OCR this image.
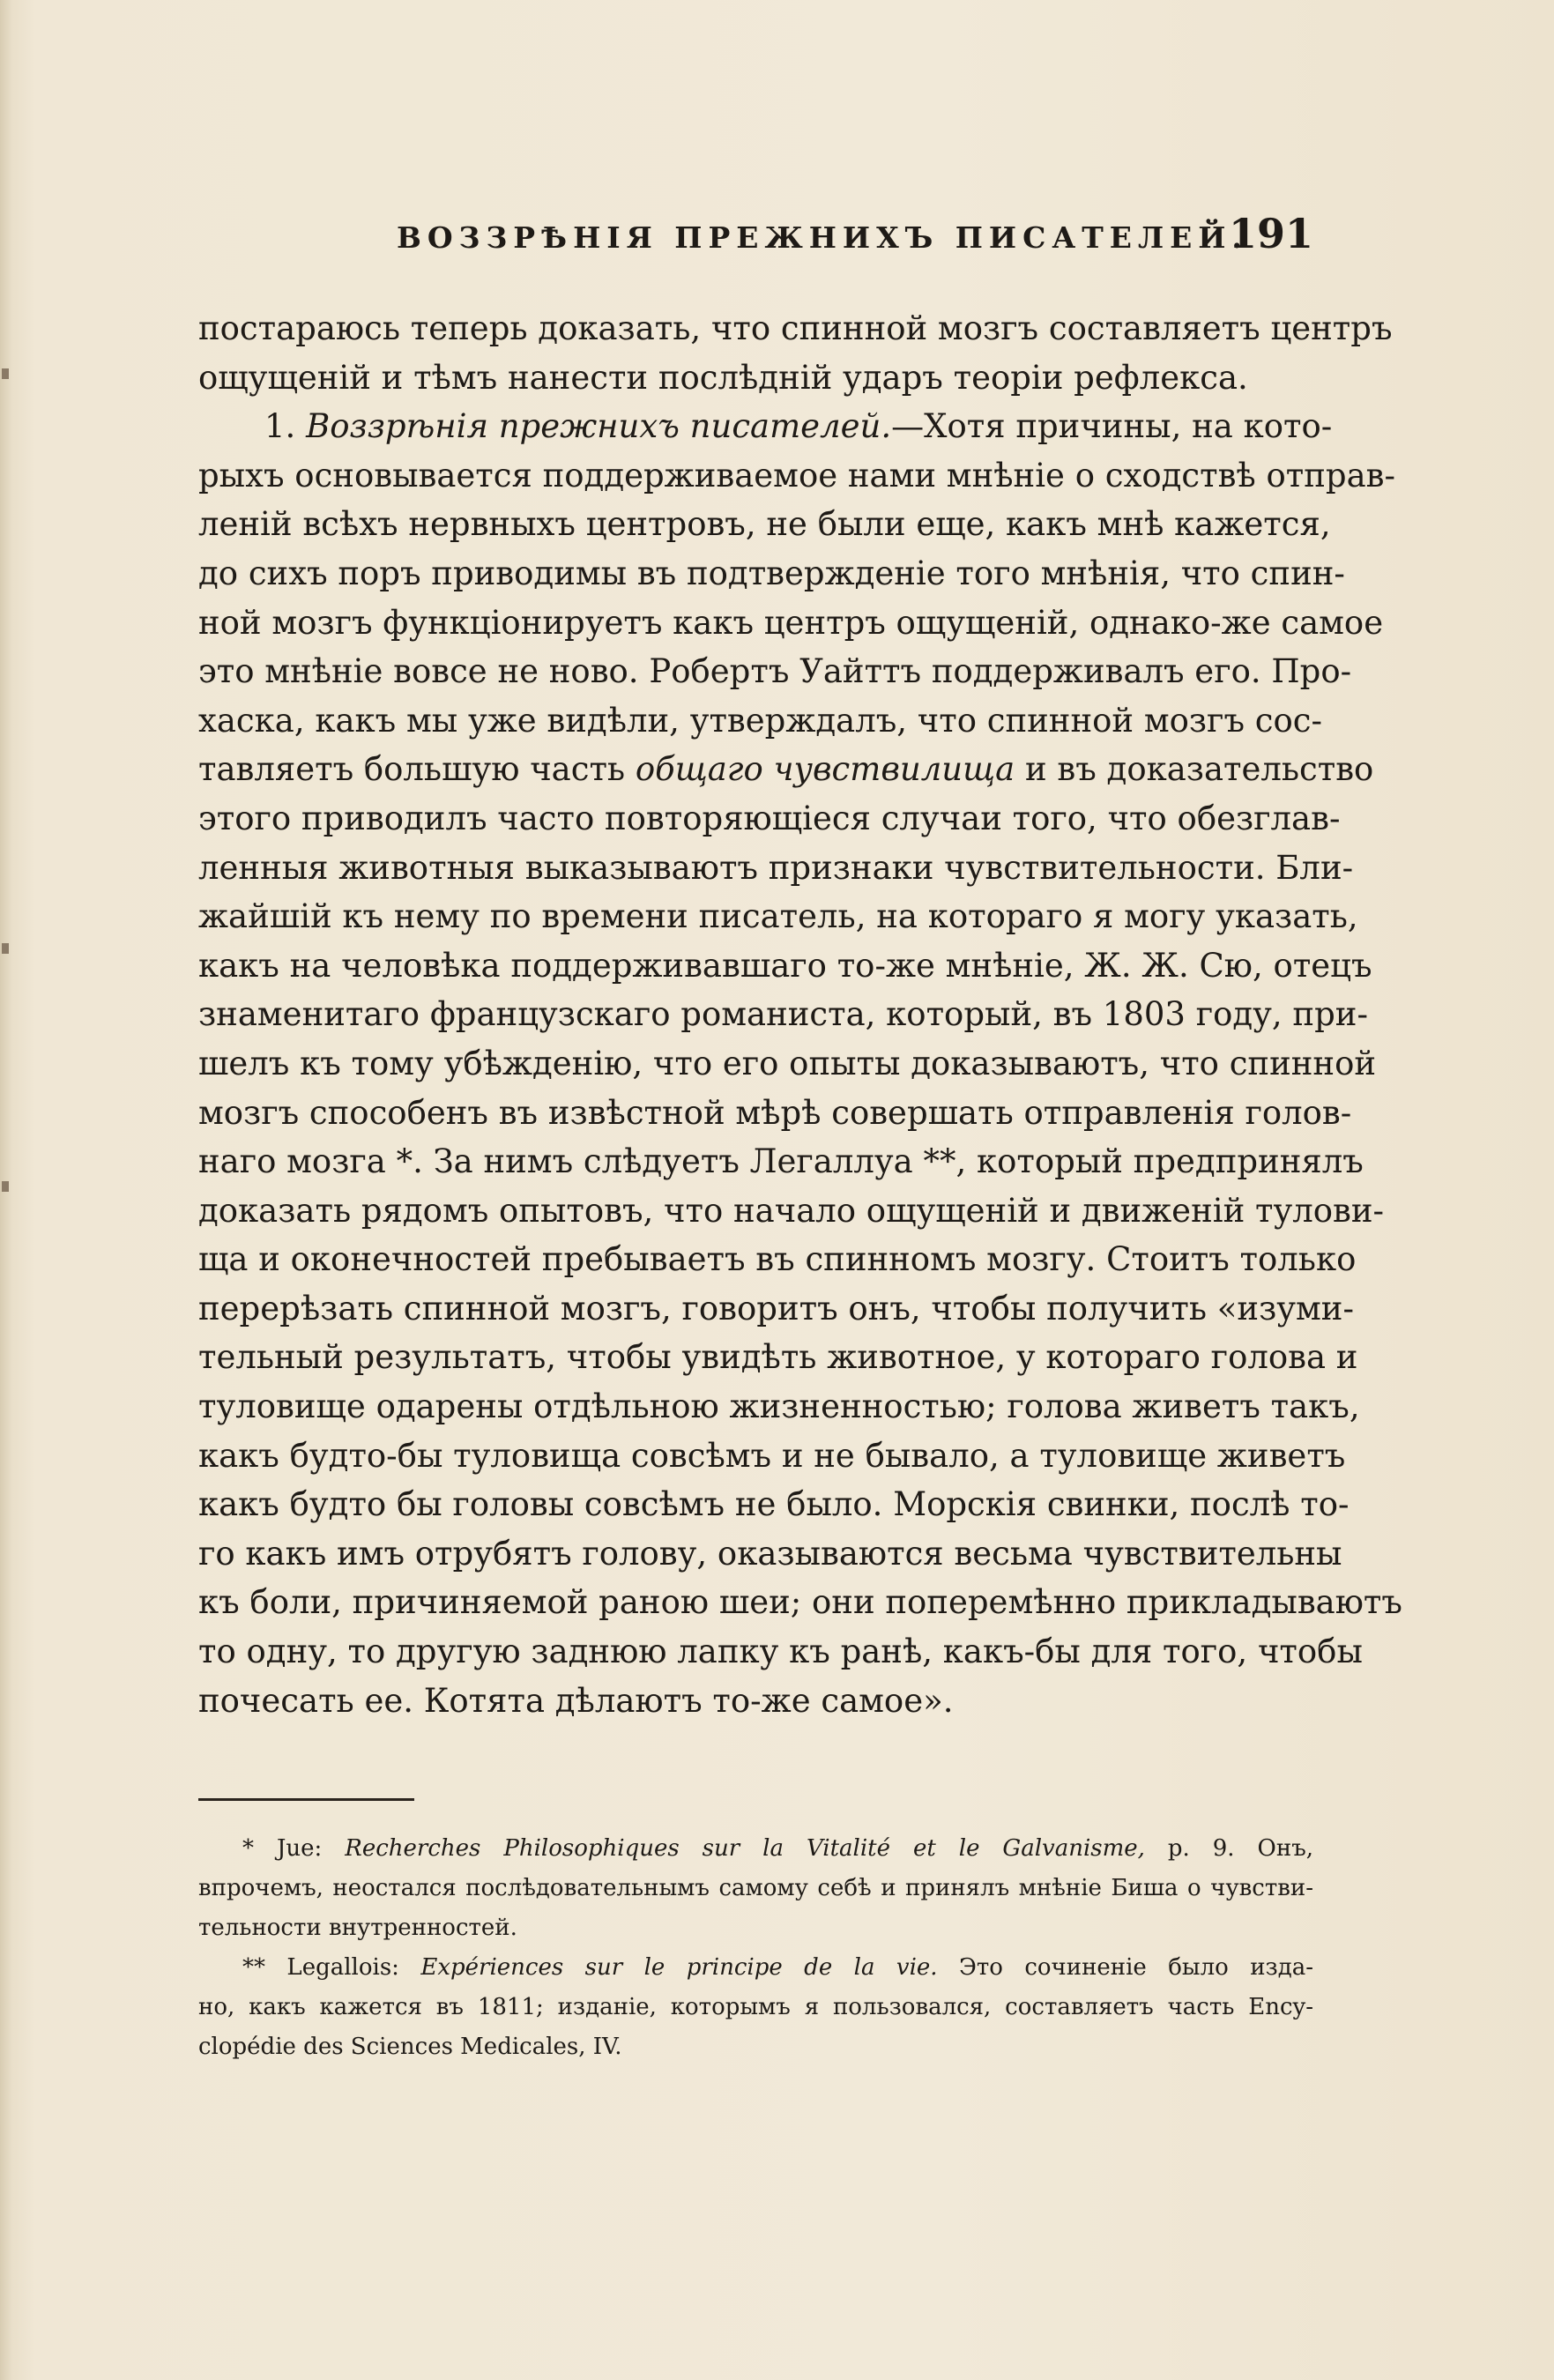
ВОЗЗРѢНІЯ ПРЕЖНИХЪ ПИСАТЕЛЕЙ.
191
постараюсь теперь доказать, что спинной мозгъ составляетъ центръ
ощущеній и тѣмъ нанести послѣдній ударъ теоріи рефлекса.
1. Воззрѣнія прежнихъ писателей.—Хотя причины, на кото-
рыхъ основывается поддерживаемое нами мнѣніе о сходствѣ отправ-
леній всѣхъ нервныхъ центровъ, не были еще, какъ мнѣ кажется,
до сихъ поръ приводимы въ подтвержденіе того мнѣнія, что спин-
ной мозгъ функціонируетъ какъ центръ ощущеній, однако-же самое
это мнѣніе вовсе не ново. Робертъ Уайттъ поддерживалъ его. Про-
хаска, какъ мы уже видѣли, утверждалъ, что спинной мозгъ сос-
тавляетъ большую часть общаго чувствилища и въ доказательство
этого приводилъ часто повторяющіеся случаи того, что обезглав-
ленныя животныя выказываютъ признаки чувствительности. Бли-
жайшій къ нему по времени писатель, на котораго я могу указать,
какъ на человѣка поддерживавшаго то-же мнѣніе, Ж. Ж. Сю, отецъ
знаменитаго французскаго романиста, который, въ 1803 году, при-
шелъ къ тому убѣжденію, что его опыты доказываютъ, что спинной
мозгъ способенъ въ извѣстной мѣрѣ совершать отправленія голов-
наго мозга *. За нимъ слѣдуетъ Легаллуа **, который предпринялъ
доказать рядомъ опытовъ, что начало ощущеній и движеній тулови-
ща и оконечностей пребываетъ въ спинномъ мозгу. Стоитъ только
перерѣзать спинной мозгъ, говоритъ онъ, чтобы получить «изуми-
тельный результатъ, чтобы увидѣть животное, у котораго голова и
туловище одарены отдѣльною жизненностью; голова живетъ такъ,
какъ будто-бы туловища совсѣмъ и не бывало, а туловище живетъ
какъ будто бы головы совсѣмъ не было. Морскія свинки, послѣ то-
го какъ имъ отрубятъ голову, оказываются весьма чувствительны
къ боли, причиняемой раною шеи; они поперемѣнно прикладываютъ
то одну, то другую заднюю лапку къ ранѣ, какъ-бы для того, чтобы
почесать ее. Котята дѣлаютъ то-же самое».
* Jue: Recherches Philosophiques sur la Vitalité et le Galvanisme, p. 9. Онъ,
впрочемъ, неостался послѣдовательнымъ самому себѣ и принялъ мнѣніе Биша о чувстви-
тельности внутренностей.
** Legallois: Expériences sur le principe de la vie. Это сочиненіе было изда-
но, какъ кажется въ 1811; изданіе, которымъ я пользовался, составляетъ часть Ency-
clopédie des Sciences Medicales, IV.
